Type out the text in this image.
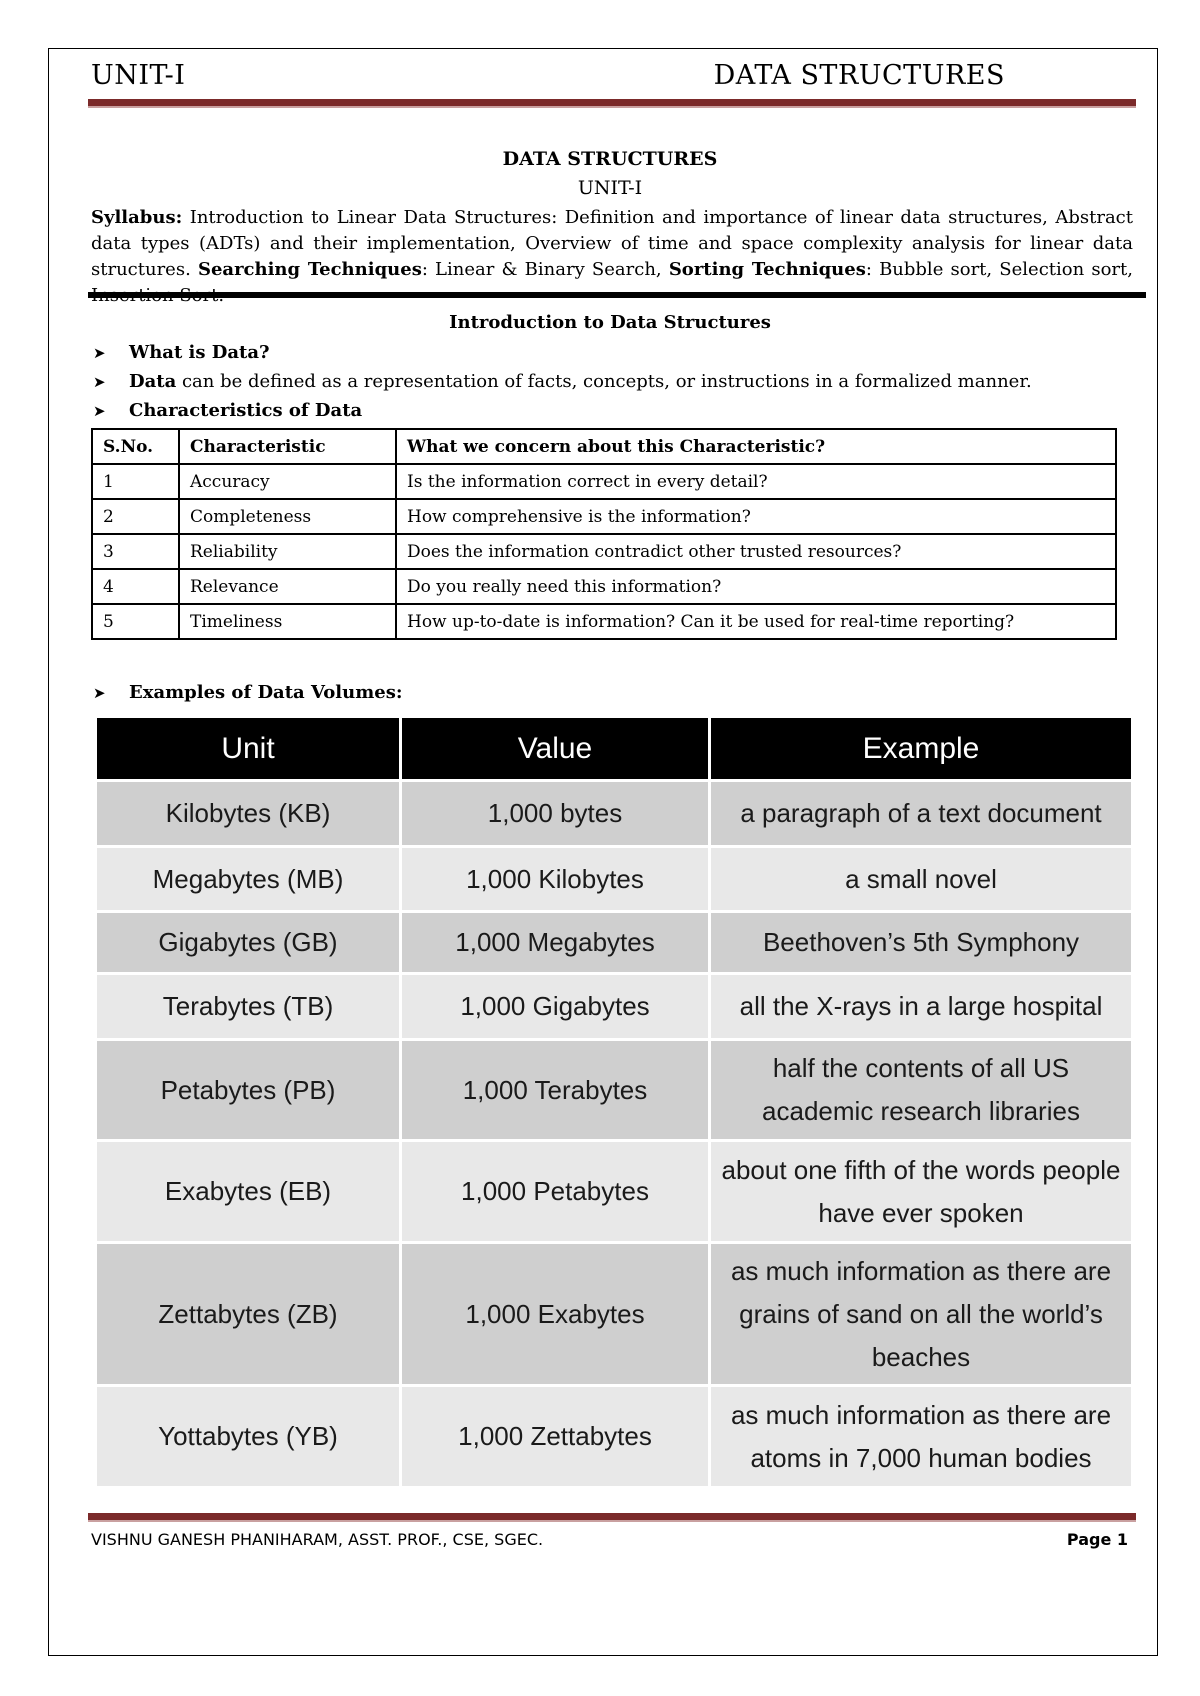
UNIT-I	DATA STRUCTURES
DATA STRUCTURES
UNIT-I
Syllabus: Introduction to Linear Data Structures: Definition and importance of linear data structures, Abstract data types (ADTs) and their implementation, Overview of time and space complexity analysis for linear data structures. Searching Techniques: Linear & Binary Search, Sorting Techniques: Bubble sort, Selection sort,
Introduction to Data Structures
➤ What is Data?
➤ Data can be defined as a representation of facts, concepts, or instructions in a formalized manner.
➤ Characteristics of Data
S.No.	Characteristic	What we concern about this Characteristic?
1	Accuracy	Is the information correct in every detail?
2	Completeness	How comprehensive is the information?
3	Reliability	Does the information contradict other trusted resources?
4	Relevance	Do you really need this information?
5	Timeliness	How up-to-date is information? Can it be used for real-time reporting?
➤ Examples of Data Volumes:
Unit	Value	Example
Kilobytes (KB)	1,000 bytes	a paragraph of a text document
Megabytes (MB)	1,000 Kilobytes	a small novel
Gigabytes (GB)	1,000 Megabytes	Beethoven’s 5th Symphony
Terabytes (TB)	1,000 Gigabytes	all the X-rays in a large hospital
Petabytes (PB)	1,000 Terabytes	half the contents of all US academic research libraries
Exabytes (EB)	1,000 Petabytes	about one fifth of the words people have ever spoken
Zettabytes (ZB)	1,000 Exabytes	as much information as there are grains of sand on all the world’s beaches
Yottabytes (YB)	1,000 Zettabytes	as much information as there are atoms in 7,000 human bodies
VISHNU GANESH PHANIHARAM, ASST. PROF., CSE, SGEC.	Page 1
